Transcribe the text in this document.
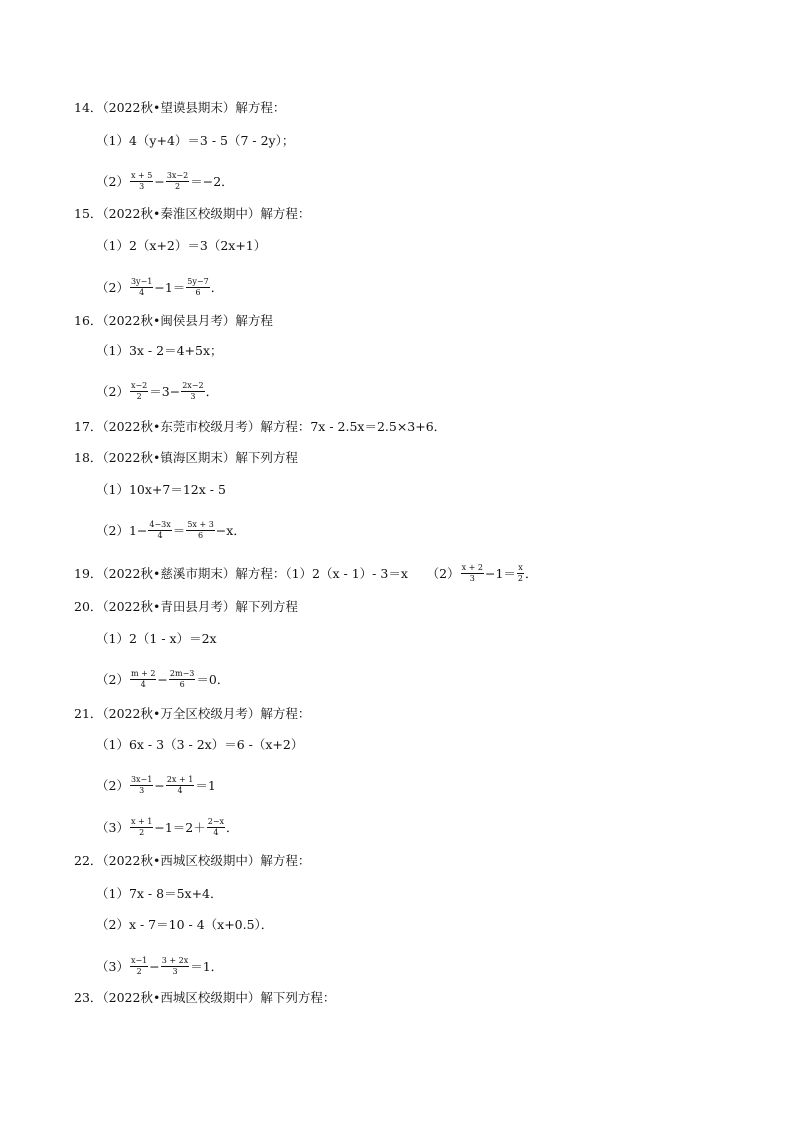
14．（2022秋•望谟县期末）解方程：
（1）4（y+4）＝3 - 5（7 - 2y）；
$(2) \frac{x + 5}{3} - \frac{3x-2}{2} =-2$．
15．（2022秋•秦淮区校级期中）解方程：
（1）2（x+2）＝3（2x+1）
$(2) \frac{3y-1}{4} -1= \frac{5y-7}{6}$ ．
16．（2022秋•闽侯县月考）解方程
（1）3x - 2＝4+5x；
$(2) \frac{x-2}{2} =3- \frac{2x-2}{3}$ ．
17．（2022秋•东莞市校级月考）解方程：7x - 2.5x＝2.5×3+6．
18．（2022秋•镇海区期末）解下列方程
（1）10x+7＝12x - 5
$(2)1- \frac{4-3x}{4} = \frac{5x + 3}{6} -x$．
19．（2022秋•慈溪市期末）解方程：（1）2（x - 1）- 3＝x　　$(2) \frac{x + 2}{3} -1= \frac{x}{2}$ ．
20．（2022秋•青田县月考）解下列方程
（1）2（1 - x）＝2x
$(2) \frac{m + 2}{4} - \frac{2m-3}{6} =0$．
21．（2022秋•万全区校级月考）解方程：
（1）6x - 3（3 - 2x）＝6 -（x+2）
$(2) \frac{3x-1}{3} - \frac{2x + 1}{4} =1$
$(3) \frac{x + 1}{2} -1=2+ \frac{2-x}{4}$ ．
22．（2022秋•西城区校级期中）解方程：
（1）7x - 8＝5x+4．
（2）x - 7＝10 - 4（x+0.5）．
$(3) \frac{x-1}{2} - \frac{3 + 2x}{3} =1$．
23．（2022秋•西城区校级期中）解下列方程：
